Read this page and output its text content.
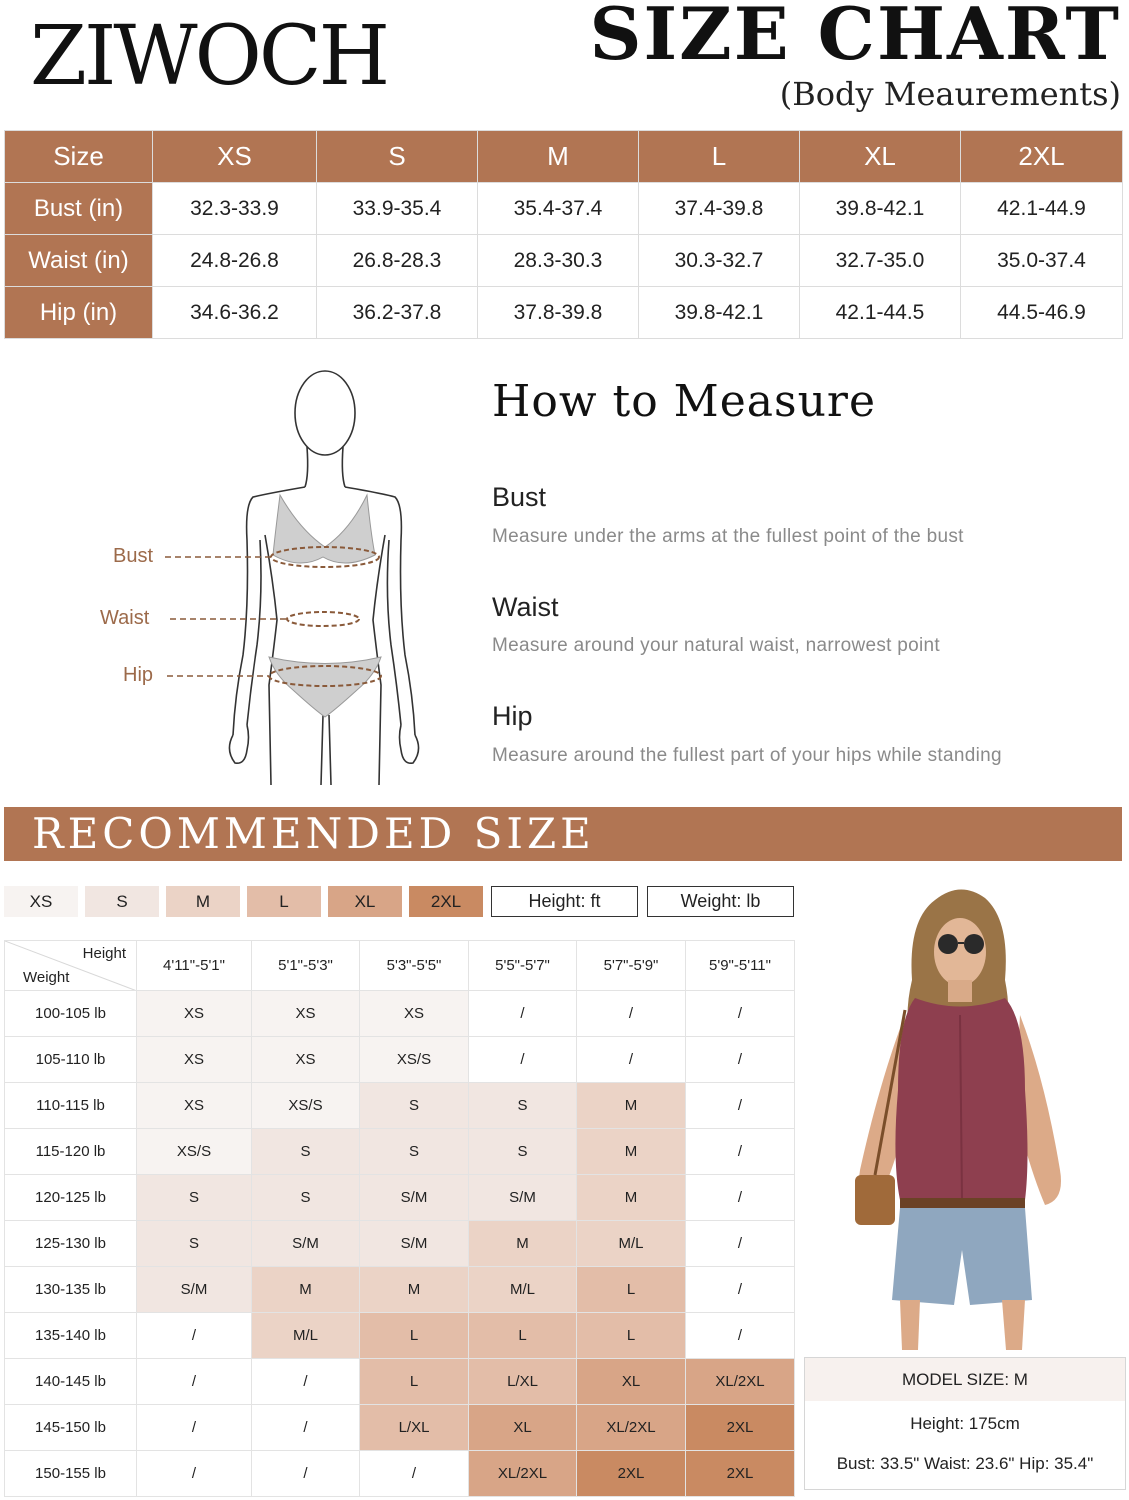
ZIWOCH	SIZE CHART
(Body Meaurements)
Size	XS	S	M	L	XL	2XL
Bust (in)	32.3-33.9	33.9-35.4	35.4-37.4	37.4-39.8	39.8-42.1	42.1-44.9
Waist (in)	24.8-26.8	26.8-28.3	28.3-30.3	30.3-32.7	32.7-35.0	35.0-37.4
Hip (in)	34.6-36.2	36.2-37.8	37.8-39.8	39.8-42.1	42.1-44.5	44.5-46.9
Bust
Waist
Hip
How to Measure
Bust
Measure under the arms at the fullest point of the bust
Waist
Measure around your natural waist, narrowest point
Hip
Measure around the fullest part of your hips while standing
RECOMMENDED SIZE
XS	S	M	L	XL	2XL	Height: ft	Weight: lb
Height
Weight	4'11"-5'1"	5'1"-5'3"	5'3"-5'5"	5'5"-5'7"	5'7"-5'9"	5'9"-5'11"
100-105 lb	XS	XS	XS	/	/	/
105-110 lb	XS	XS	XS/S	/	/	/
110-115 lb	XS	XS/S	S	S	M	/
115-120 lb	XS/S	S	S	S	M	/
120-125 lb	S	S	S/M	S/M	M	/
125-130 lb	S	S/M	S/M	M	M/L	/
130-135 lb	S/M	M	M	M/L	L	/
135-140 lb	/	M/L	L	L	L	/
140-145 lb	/	/	L	L/XL	XL	XL/2XL
145-150 lb	/	/	L/XL	XL	XL/2XL	2XL
150-155 lb	/	/	/	XL/2XL	2XL	2XL
MODEL SIZE: M
Height: 175cm
Bust: 33.5" Waist: 23.6" Hip: 35.4"
